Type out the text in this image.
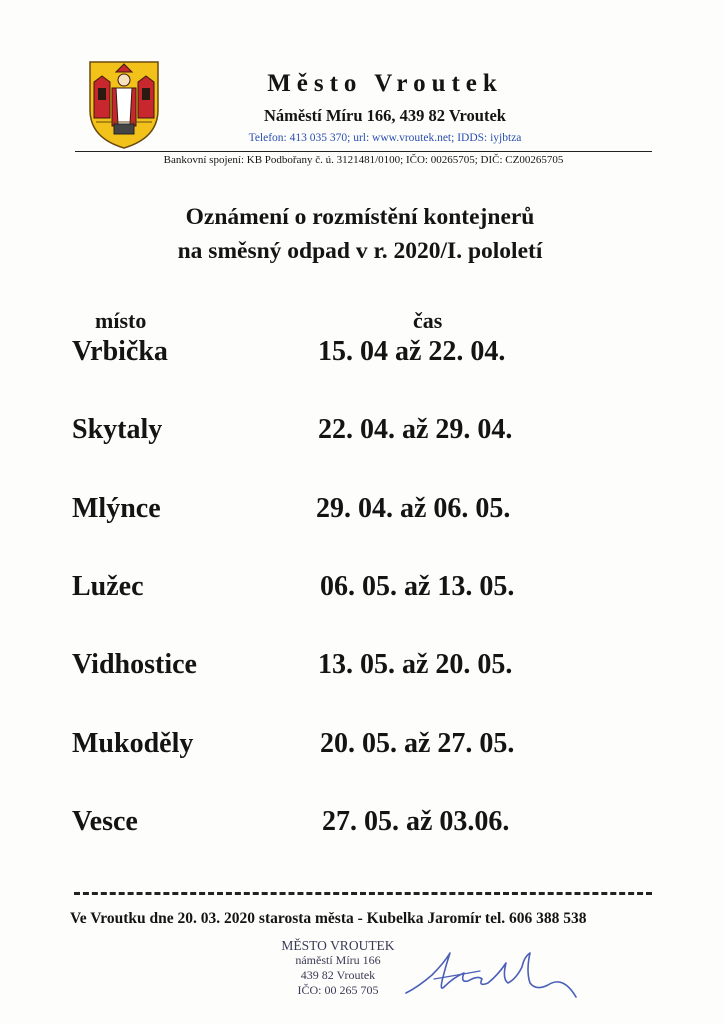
Město Vroutek
Náměstí Míru 166, 439 82 Vroutek
Telefon: 413 035 370; url: www.vroutek.net; IDDS: iyjbtza
Bankovní spojení: KB Podbořany č. ú. 3121481/0100; IČO: 00265705; DIČ: CZ00265705
Oznámení o rozmístění kontejnerů
na směsný odpad v r. 2020/I. pololetí
místo	čas
Vrbička	15. 04 až 22. 04.
Skytaly	22. 04. až 29. 04.
Mlýnce	29. 04. až 06. 05.
Lužec	06. 05. až 13. 05.
Vidhostice	13. 05. až 20. 05.
Mukoděly	20. 05. až 27. 05.
Vesce	27. 05. až 03.06.
Ve Vroutku dne 20. 03. 2020 starosta města - Kubelka Jaromír tel. 606 388 538
MĚSTO VROUTEK
náměstí Míru 166
439 82 Vroutek
IČO: 00 265 705
